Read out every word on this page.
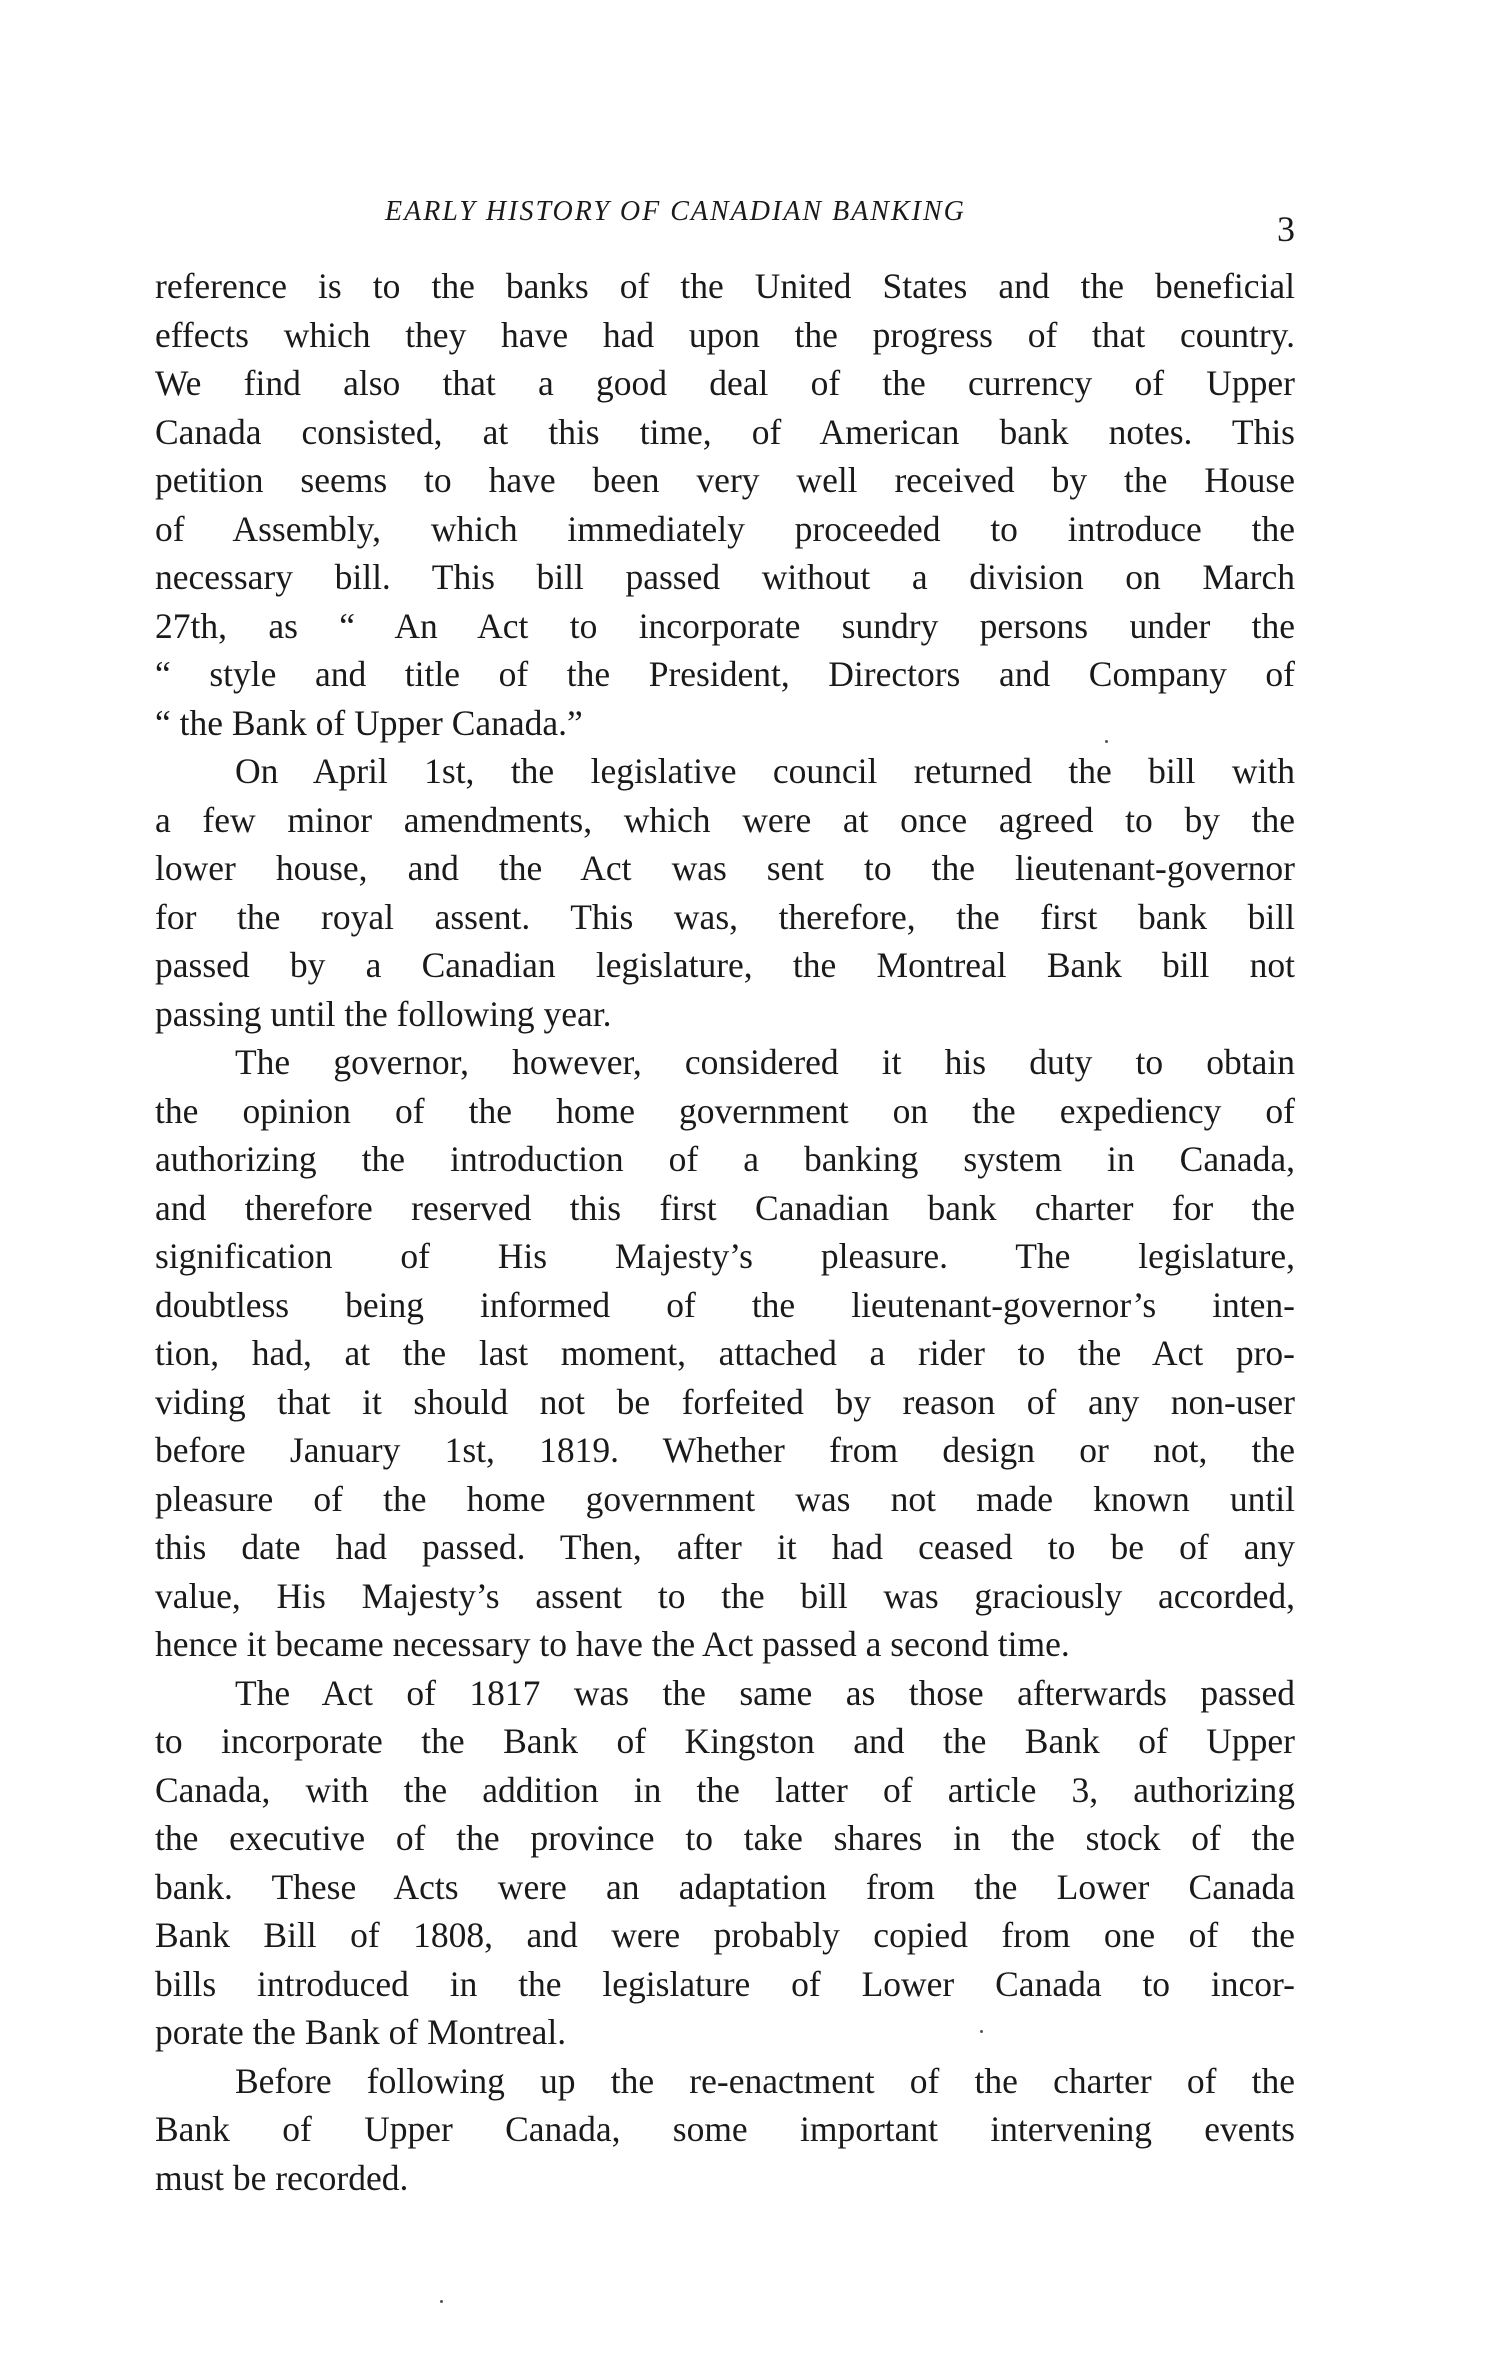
EARLY HISTORY OF CANADIAN BANKING	3
reference is to the banks of the United States and the beneficial
effects which they have had upon the progress of that country.
We find also that a good deal of the currency of Upper
Canada consisted, at this time, of American bank notes. This
petition seems to have been very well received by the House
of Assembly, which immediately proceeded to introduce the
necessary bill. This bill passed without a division on March
27th, as “ An Act to incorporate sundry persons under the
“ style and title of the President, Directors and Company of
“ the Bank of Upper Canada.”
On April 1st, the legislative council returned the bill with
a few minor amendments, which were at once agreed to by the
lower house, and the Act was sent to the lieutenant-governor
for the royal assent. This was, therefore, the first bank bill
passed by a Canadian legislature, the Montreal Bank bill not
passing until the following year.
The governor, however, considered it his duty to obtain
the opinion of the home government on the expediency of
authorizing the introduction of a banking system in Canada,
and therefore reserved this first Canadian bank charter for the
signification of His Majesty’s pleasure. The legislature,
doubtless being informed of the lieutenant-governor’s inten-
tion, had, at the last moment, attached a rider to the Act pro-
viding that it should not be forfeited by reason of any non-user
before January 1st, 1819. Whether from design or not, the
pleasure of the home government was not made known until
this date had passed. Then, after it had ceased to be of any
value, His Majesty’s assent to the bill was graciously accorded,
hence it became necessary to have the Act passed a second time.
The Act of 1817 was the same as those afterwards passed
to incorporate the Bank of Kingston and the Bank of Upper
Canada, with the addition in the latter of article 3, authorizing
the executive of the province to take shares in the stock of the
bank. These Acts were an adaptation from the Lower Canada
Bank Bill of 1808, and were probably copied from one of the
bills introduced in the legislature of Lower Canada to incor-
porate the Bank of Montreal.
Before following up the re-enactment of the charter of the
Bank of Upper Canada, some important intervening events
must be recorded.
